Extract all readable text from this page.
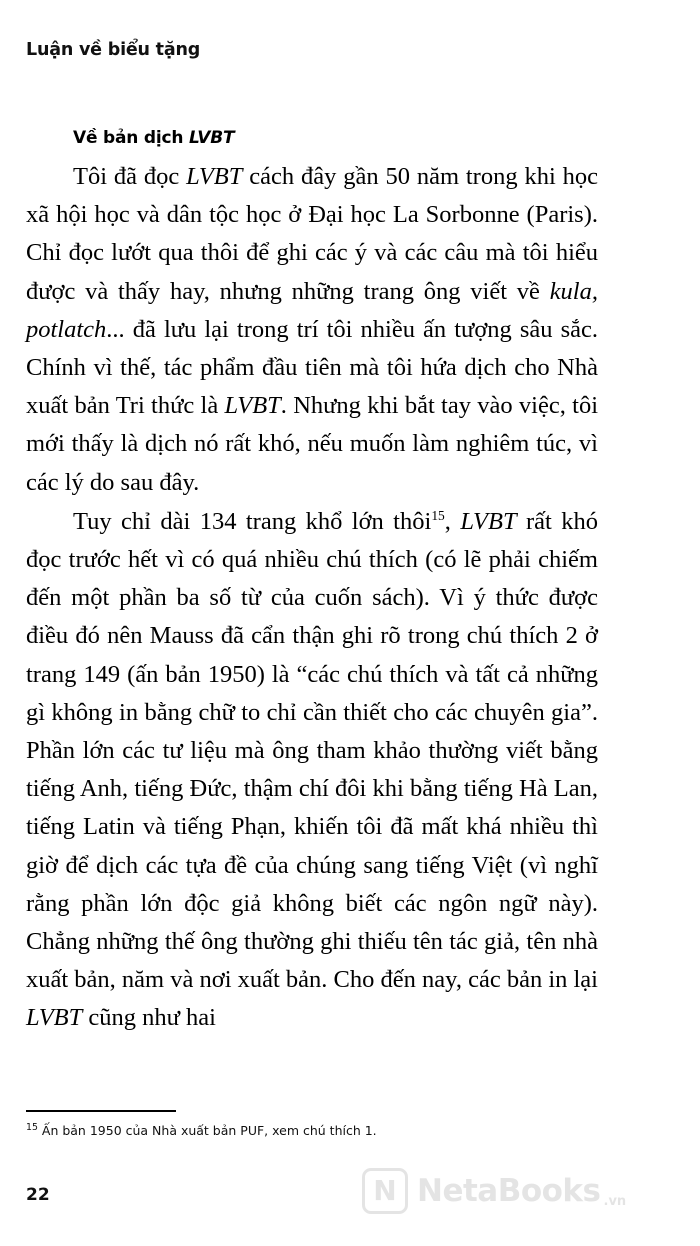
Luận về biểu tặng
Về bản dịch LVBT

Tôi đã đọc LVBT cách đây gần 50 năm trong khi học xã hội học và dân tộc học ở Đại học La Sorbonne (Paris). Chỉ đọc lướt qua thôi để ghi các ý và các câu mà tôi hiểu được và thấy hay, nhưng những trang ông viết về kula, potlatch... đã lưu lại trong trí tôi nhiều ấn tượng sâu sắc. Chính vì thế, tác phẩm đầu tiên mà tôi hứa dịch cho Nhà xuất bản Tri thức là LVBT. Nhưng khi bắt tay vào việc, tôi mới thấy là dịch nó rất khó, nếu muốn làm nghiêm túc, vì các lý do sau đây.

Tuy chỉ dài 134 trang khổ lớn thôi$^{15}$, LVBT rất khó đọc trước hết vì có quá nhiều chú thích (có lẽ phải chiếm đến một phần ba số từ của cuốn sách). Vì ý thức được điều đó nên Mauss đã cẩn thận ghi rõ trong chú thích 2 ở trang 149 (ấn bản 1950) là “các chú thích và tất cả những gì không in bằng chữ to chỉ cần thiết cho các chuyên gia”. Phần lớn các tư liệu mà ông tham khảo thường viết bằng tiếng Anh, tiếng Đức, thậm chí đôi khi bằng tiếng Hà Lan, tiếng Latin và tiếng Phạn, khiến tôi đã mất khá nhiều thì giờ để dịch các tựa đề của chúng sang tiếng Việt (vì nghĩ rằng phần lớn độc giả không biết các ngôn ngữ này). Chẳng những thế ông thường ghi thiếu tên tác giả, tên nhà xuất bản, năm và nơi xuất bản. Cho đến nay, các bản in lại LVBT cũng như hai

$^{15}$ Ấn bản 1950 của Nhà xuất bản PUF, xem chú thích 1.
22	N NetaBooks .vn
